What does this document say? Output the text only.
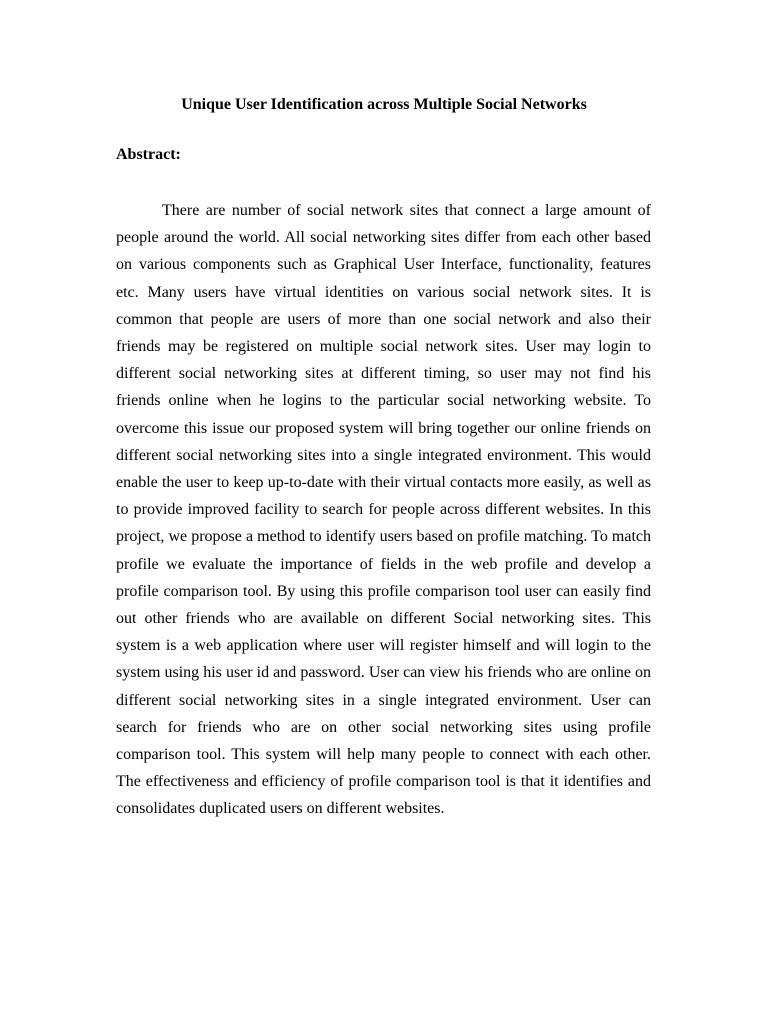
Unique User Identification across Multiple Social Networks
Abstract:

There are number of social network sites that connect a large amount of people around the world. All social networking sites differ from each other based on various components such as Graphical User Interface, functionality, features etc. Many users have virtual identities on various social network sites. It is common that people are users of more than one social network and also their friends may be registered on multiple social network sites. User may login to different social networking sites at different timing, so user may not find his friends online when he logins to the particular social networking website. To overcome this issue our proposed system will bring together our online friends on different social networking sites into a single integrated environment. This would enable the user to keep up-to-date with their virtual contacts more easily, as well as to provide improved facility to search for people across different websites. In this project, we propose a method to identify users based on profile matching. To match profile we evaluate the importance of fields in the web profile and develop a profile comparison tool. By using this profile comparison tool user can easily find out other friends who are available on different Social networking sites. This system is a web application where user will register himself and will login to the system using his user id and password. User can view his friends who are online on different social networking sites in a single integrated environment. User can search for friends who are on other social networking sites using profile comparison tool. This system will help many people to connect with each other. The effectiveness and efficiency of profile comparison tool is that it identifies and consolidates duplicated users on different websites.
